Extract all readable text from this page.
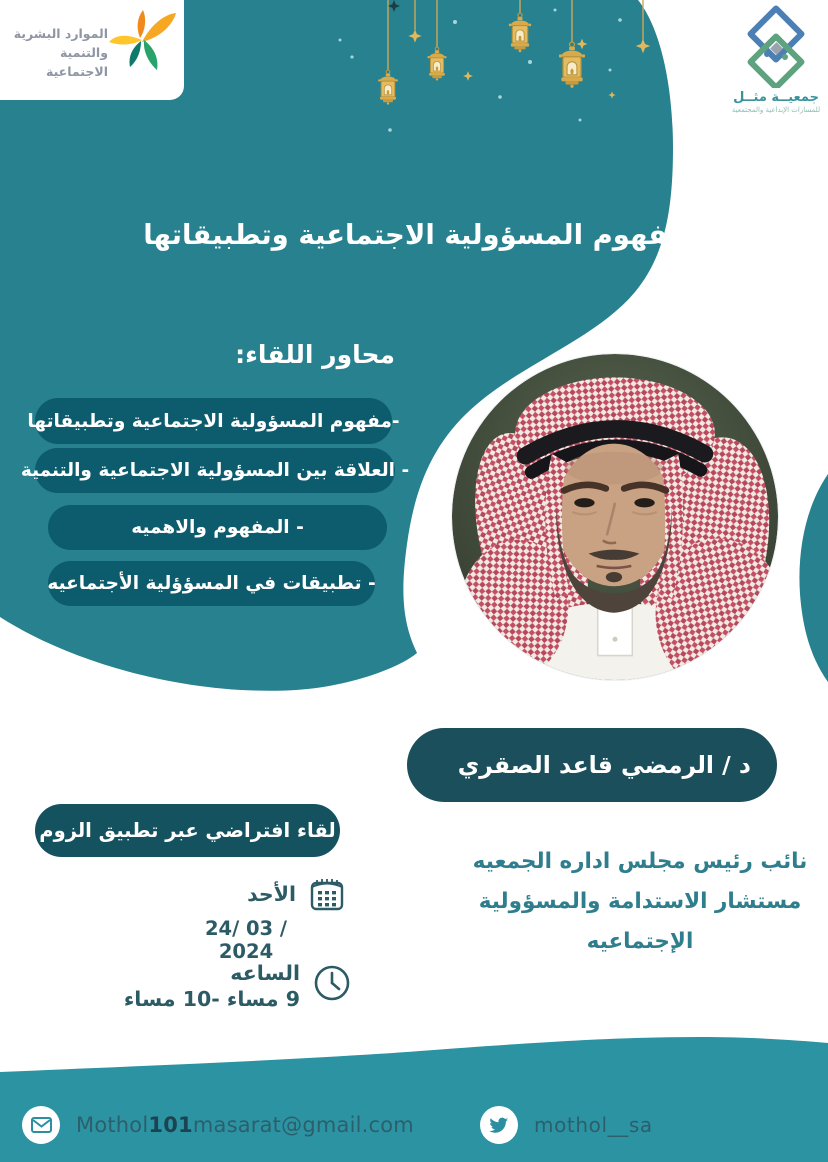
الموارد البشرية
والتنمية الاجتماعية
جمعيــة مثــل
للمسارات الإبداعية والمجتمعية
مفهوم المسؤولية الاجتماعية وتطبيقاتها
محاور اللقاء:
-مفهوم المسؤولية الاجتماعية وتطبيقاتها
- العلاقة بين المسؤولية الاجتماعية والتنمية
- المفهوم والاهميه
- تطبيقات في المسؤؤلية الأجتماعيه
د / الرمضي قاعد الصقري
نائب رئيس مجلس اداره الجمعيه
مستشار الاستدامة والمسؤولية
الإجتماعيه
لقاء افتراضي عبر تطبيق الزوم
الأحد
24/ 03 / 2024
الساعه
9 مساء -10 مساء
Mothol101masarat@gmail.com	mothol__sa
